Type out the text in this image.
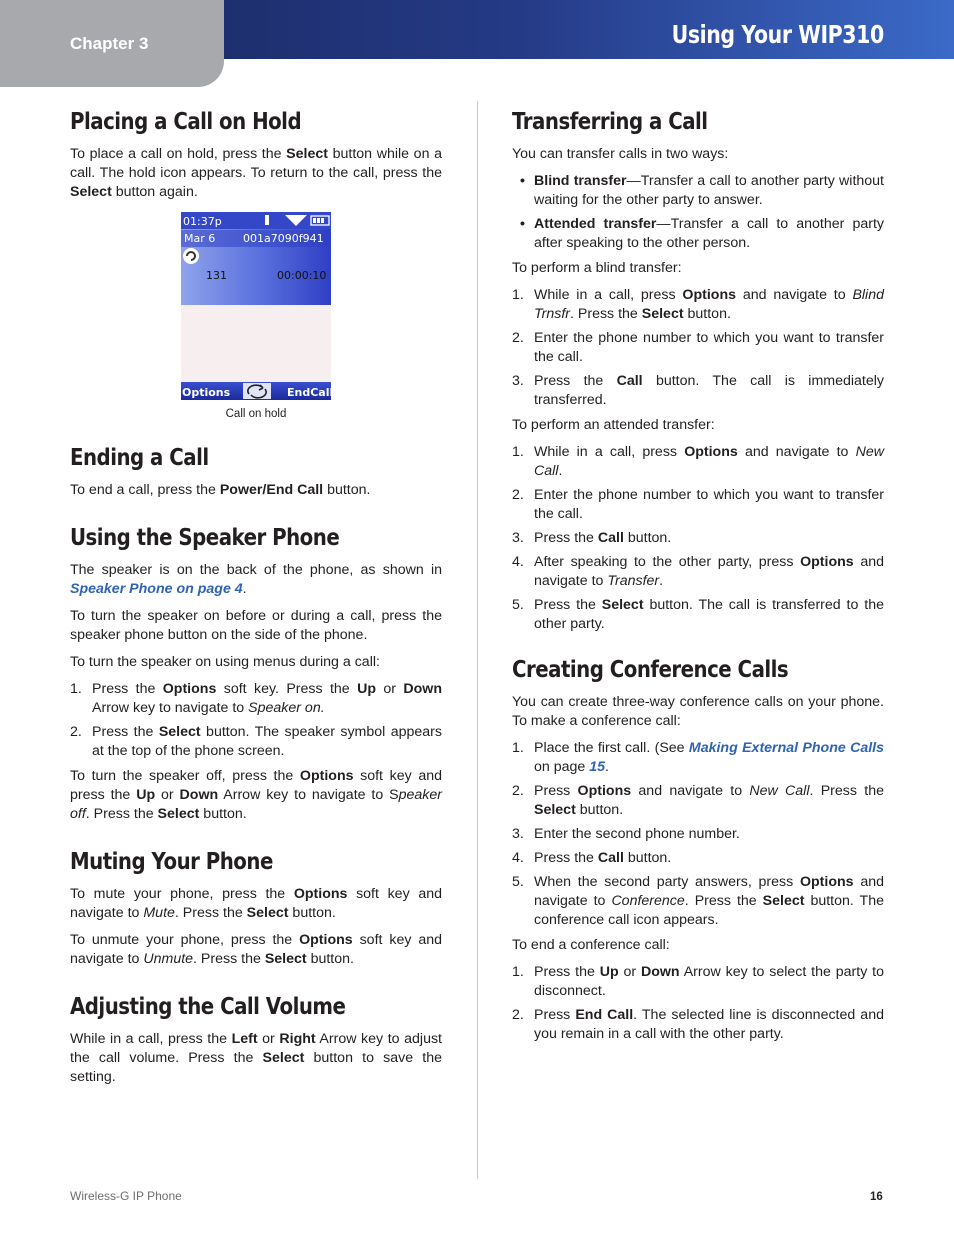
Chapter 3	Using Your WIP310
Placing a Call on Hold

To place a call on hold, press the Select button while on a call. The hold icon appears. To return to the call, press the Select button again.

01:37p
Mar 6	001a7090f941
131	00:00:10
Options	EndCall
Call on hold
Ending a Call

To end a call, press the Power/End Call button.

Using the Speaker Phone

The speaker is on the back of the phone, as shown in Speaker Phone on page 4.

To turn the speaker on before or during a call, press the speaker phone button on the side of the phone.

To turn the speaker on using menus during a call:

1. Press the Options soft key. Press the Up or Down Arrow key to navigate to Speaker on.
2. Press the Select button. The speaker symbol appears at the top of the phone screen.

To turn the speaker off, press the Options soft key and press the Up or Down Arrow key to navigate to Speaker off. Press the Select button.

Muting Your Phone

To mute your phone, press the Options soft key and navigate to Mute. Press the Select button.

To unmute your phone, press the Options soft key and navigate to Unmute. Press the Select button.

Adjusting the Call Volume

While in a call, press the Left or Right Arrow key to adjust the call volume. Press the Select button to save the setting.

Transferring a Call

You can transfer calls in two ways:

• Blind transfer—Transfer a call to another party without waiting for the other party to answer.
• Attended transfer—Transfer a call to another party after speaking to the other person.

To perform a blind transfer:

1. While in a call, press Options and navigate to Blind Trnsfr. Press the Select button.
2. Enter the phone number to which you want to transfer the call.
3. Press the Call button. The call is immediately transferred.

To perform an attended transfer:

1. While in a call, press Options and navigate to New Call.
2. Enter the phone number to which you want to transfer the call.
3. Press the Call button.
4. After speaking to the other party, press Options and navigate to Transfer.
5. Press the Select button. The call is transferred to the other party.
Creating Conference Calls

You can create three-way conference calls on your phone. To make a conference call:

1. Place the first call. (See Making External Phone Calls on page 15.
2. Press Options and navigate to New Call. Press the Select button.
3. Enter the second phone number.
4. Press the Call button.
5. When the second party answers, press Options and navigate to Conference. Press the Select button. The conference call icon appears.

To end a conference call:

1. Press the Up or Down Arrow key to select the party to disconnect.
2. Press End Call. The selected line is disconnected and you remain in a call with the other party.
Wireless-G IP Phone	16
